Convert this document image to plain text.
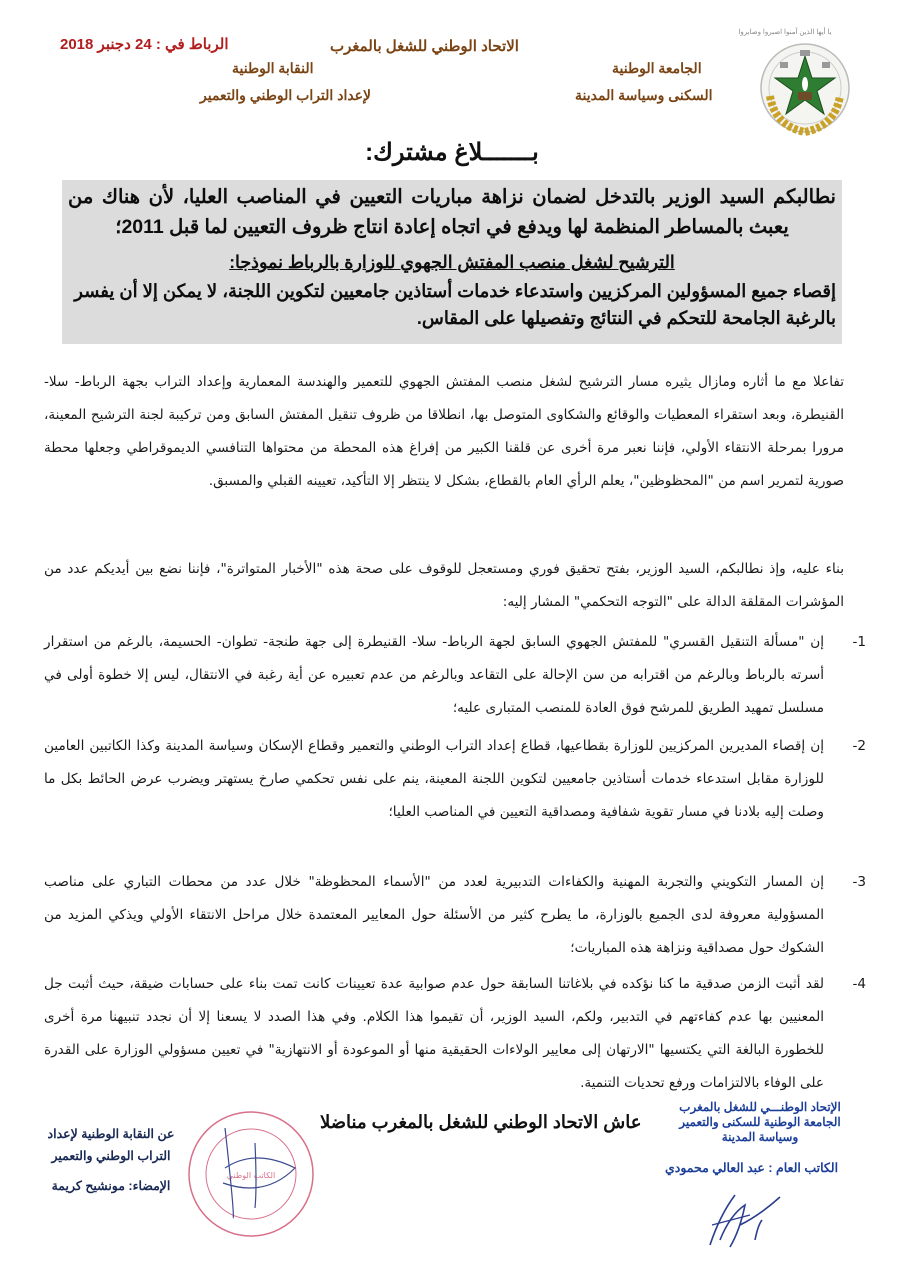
يا أيها الذين آمنوا اصبروا وصابروا
الرباط في : 24 دجنبر 2018	الاتحاد الوطني للشغل بالمغرب
الجامعة الوطنية
السكنى وسياسة المدينة
النقابة الوطنية
لإعداد التراب الوطني والتعمير
بـــــــلاغ مشترك:
نطالبكم السيد الوزير بالتدخل لضمان نزاهة مباريات التعيين في المناصب العليا، لأن هناك من يعبث بالمساطر المنظمة لها ويدفع في اتجاه إعادة انتاج ظروف التعيين لما قبل 2011؛
الترشيح لشغل منصب المفتش الجهوي للوزارة بالرباط نموذجا:
إقصاء جميع المسؤولين المركزيين واستدعاء خدمات أستاذين جامعيين لتكوين اللجنة، لا يمكن إلا أن يفسر بالرغبة الجامحة للتحكم في النتائج وتفصيلها على المقاس.
تفاعلا مع ما أثاره ومازال يثيره مسار الترشيح لشغل منصب المفتش الجهوي للتعمير والهندسة المعمارية وإعداد التراب بجهة الرباط- سلا- القنيطرة، وبعد استقراء المعطيات والوقائع والشكاوى المتوصل بها، انطلاقا من ظروف تنقيل المفتش السابق ومن تركيبة لجنة الترشيح المعينة، مرورا بمرحلة الانتقاء الأولي، فإننا نعبر مرة أخرى عن قلقنا الكبير من إفراغ هذه المحطة من محتواها التنافسي الديموقراطي وجعلها محطة صورية لتمرير اسم من "المحظوظين"، يعلم الرأي العام بالقطاع، بشكل لا ينتظر إلا التأكيد، تعيينه القبلي والمسبق.
بناء عليه، وإذ نطالبكم، السيد الوزير، بفتح تحقيق فوري ومستعجل للوقوف على صحة هذه "الأخبار المتواترة"، فإننا نضع بين أيديكم عدد من المؤشرات المقلقة الدالة على "التوجه التحكمي" المشار إليه:
-1
إن "مسألة التنقيل القسري" للمفتش الجهوي السابق لجهة الرباط- سلا- القنيطرة إلى جهة طنجة- تطوان- الحسيمة، بالرغم من استقرار أسرته بالرباط وبالرغم من اقترابه من سن الإحالة على التقاعد وبالرغم من عدم تعبيره عن أية رغبة في الانتقال، ليس إلا خطوة أولى في مسلسل تمهيد الطريق للمرشح فوق العادة للمنصب المتبارى عليه؛
-2
إن إقصاء المديرين المركزيين للوزارة بقطاعيها، قطاع إعداد التراب الوطني والتعمير وقطاع الإسكان وسياسة المدينة وكذا الكاتبين العامين للوزارة مقابل استدعاء خدمات أستاذين جامعيين لتكوين اللجنة المعينة، ينم على نفس تحكمي صارخ يستهتر ويضرب عرض الحائط بكل ما وصلت إليه بلادنا في مسار تقوية شفافية ومصداقية التعيين في المناصب العليا؛
-3
إن المسار التكويني والتجربة المهنية والكفاءات التدبيرية لعدد من "الأسماء المحظوظة" خلال عدد من محطات التباري على مناصب المسؤولية معروفة لدى الجميع بالوزارة، ما يطرح كثير من الأسئلة حول المعايير المعتمدة خلال مراحل الانتقاء الأولي ويذكي المزيد من الشكوك حول مصداقية ونزاهة هذه المباريات؛
-4
لقد أثبت الزمن صدقية ما كنا نؤكده في بلاغاتنا السابقة حول عدم صوابية عدة تعيينات كانت تمت بناء على حسابات ضيقة، حيث أثبت جل المعنيين بها عدم كفاءتهم في التدبير، ولكم، السيد الوزير، أن تقيموا هذا الكلام. وفي هذا الصدد لا يسعنا إلا أن نجدد تنبيهنا مرة أخرى للخطورة البالغة التي يكتسيها "الارتهان إلى معايير الولاءات الحقيقية منها أو الموعودة أو الانتهازية" في تعيين مسؤولي الوزارة على القدرة على الوفاء بالالتزامات ورفع تحديات التنمية.
عاش الاتحاد الوطني للشغل بالمغرب مناضلا
الإتحاد الوطنـــي للشغل بالمغرب
الجامعة الوطنية للسكنى والتعمير
وسياسة المدينة
الكاتب العام : عبد العالي محمودي
الكاتب الوطني
عن النقابة الوطنية لإعداد
التراب الوطني والتعمير
الإمضاء: مونشيح كريمة
